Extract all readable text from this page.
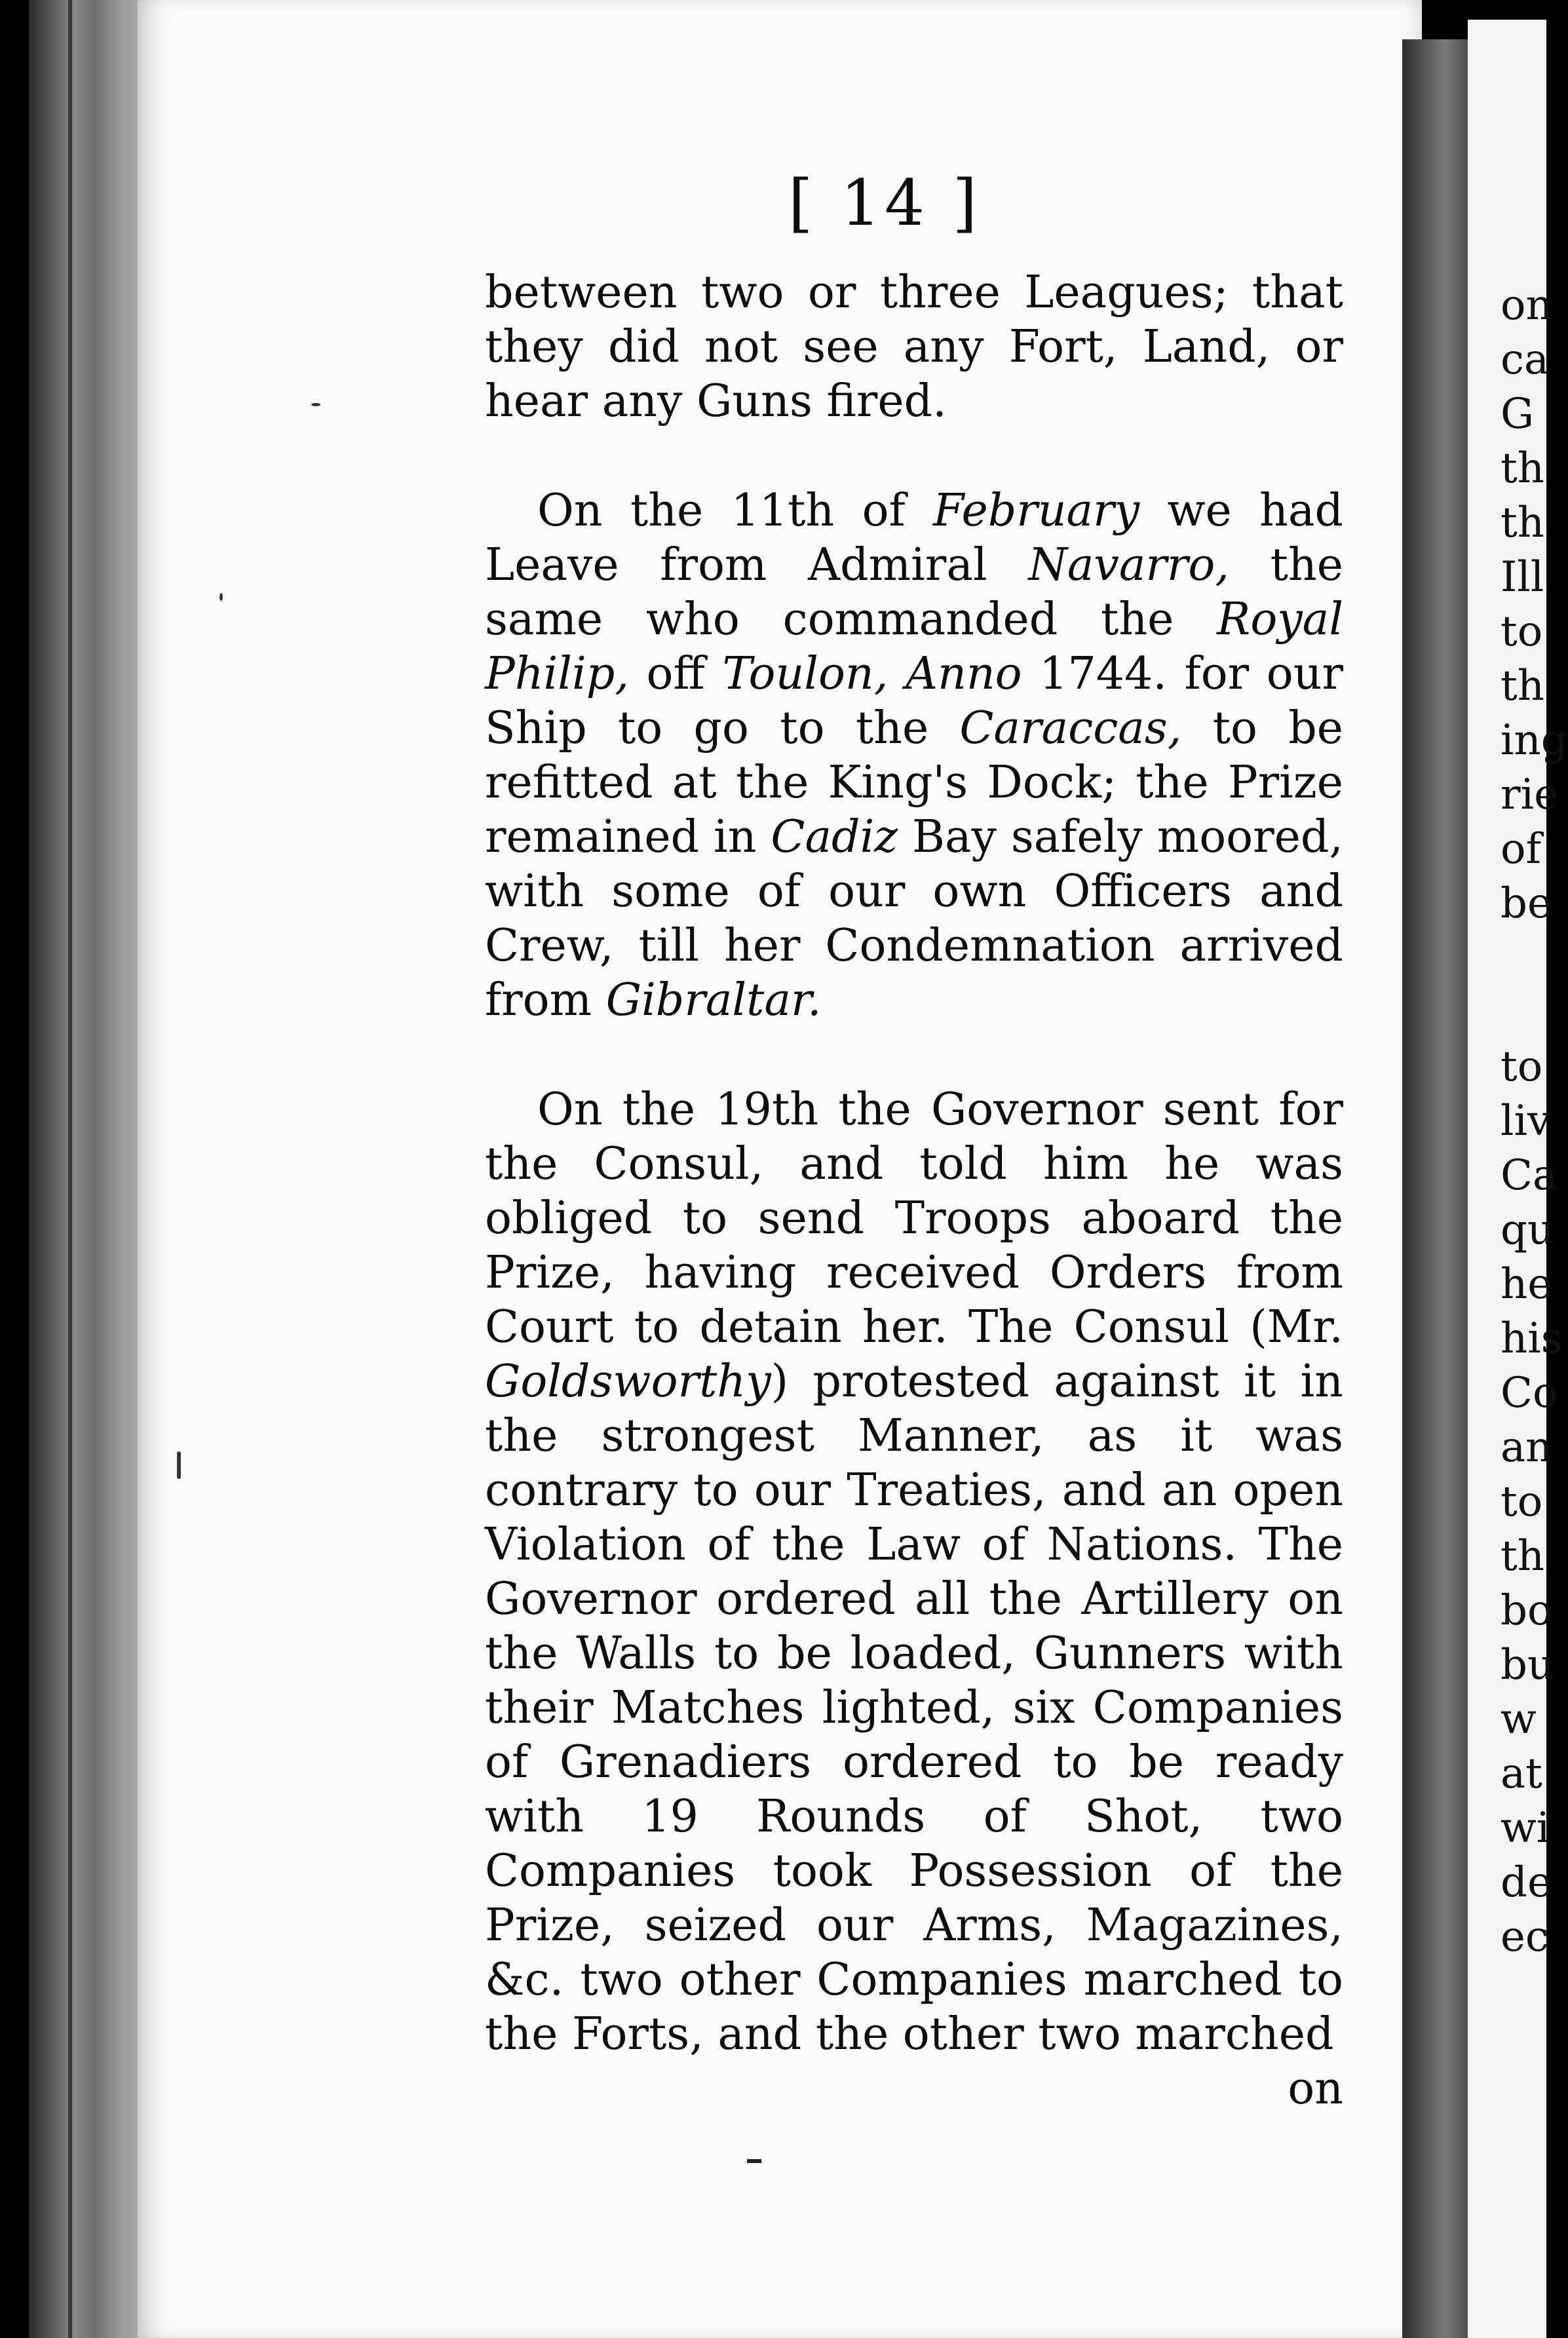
[ 14 ]

between two or three Leagues; that they did not see any Fort, Land, or hear any Guns fired.

On the 11th of February we had Leave from Admiral Navarro, the same who commanded the Royal Philip, off Toulon, Anno 1744. for our Ship to go to the Caraccas, to be refitted at the King's Dock; the Prize remained in Cadiz Bay safely moored, with some of our own Officers and Crew, till her Condemnation arrived from Gibraltar.

On the 19th the Governor sent for the Consul, and told him he was obliged to send Troops aboard the Prize, having received Orders from Court to detain her. The Consul (Mr. Goldsworthy) protested against it in the strongest Manner, as it was contrary to our Treaties, and an open Violation of the Law of Nations. The Governor ordered all the Artillery on the Walls to be loaded, Gunners with their Matches lighted, six Companies of Grenadiers ordered to be ready with 19 Rounds of Shot, two Companies took Possession of the Prize, seized our Arms, Magazines, &c. two other Companies marched to the Forts, and the other two marched

on
on
ca
G
th
th
Ill
to
th
ing
rie
of
be
to
liv
Ca
qu
he
his
Co
an
to
th
bo
bu
w
at
wi
de
ec
